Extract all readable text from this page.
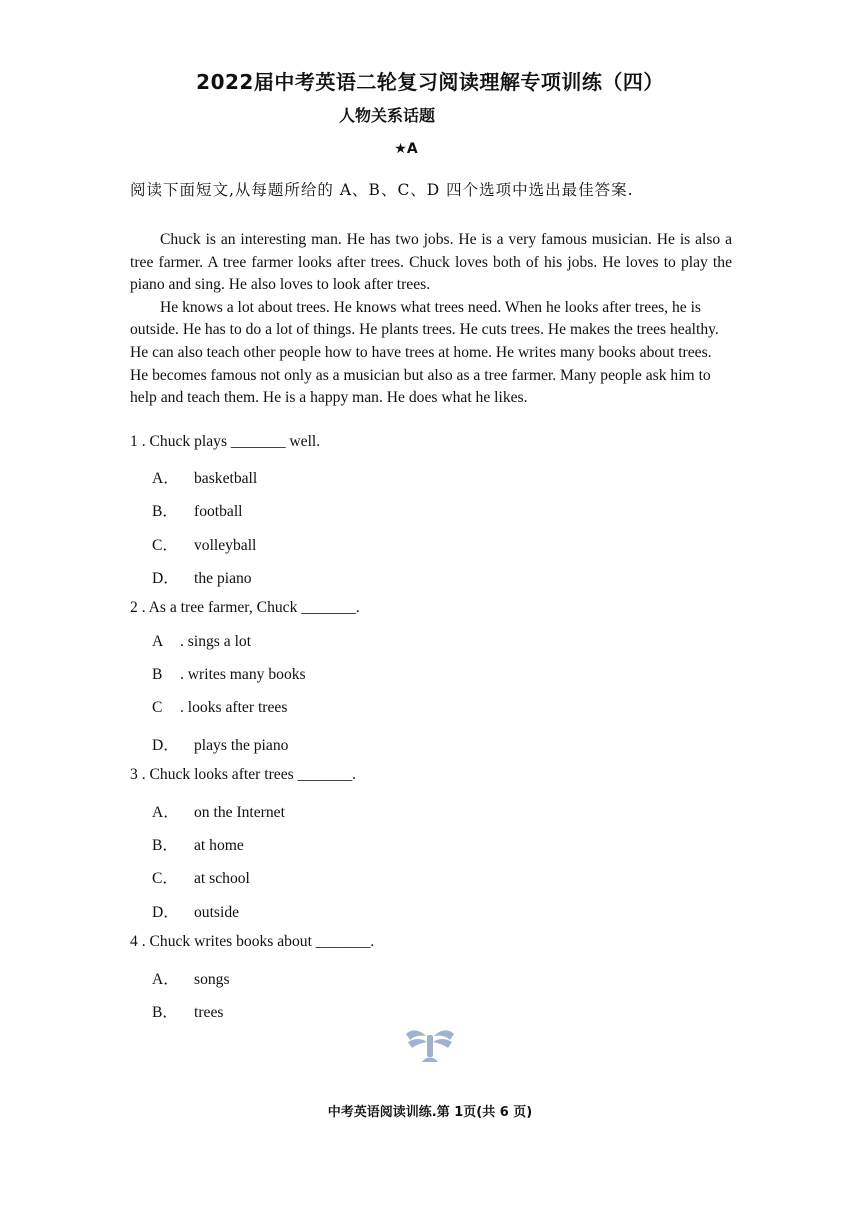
2022届中考英语二轮复习阅读理解专项训练（四）
人物关系话题
★A
阅读下面短文,从每题所给的 A、B、C、D 四个选项中选出最佳答案.

Chuck is an interesting man. He has two jobs. He is a very famous musician. He is also a tree farmer. A tree farmer looks after trees. Chuck loves both of his jobs. He loves to play the piano and sing. He also loves to look after trees.

He knows a lot about trees. He knows what trees need. When he looks after trees, he is outside. He has to do a lot of things. He plants trees. He cuts trees. He makes the trees healthy. He can also teach other people how to have trees at home. He writes many books about trees. He becomes famous not only as a musician but also as a tree farmer. Many people ask him to help and teach them. He is a happy man. He does what he likes.

1 . Chuck plays _______ well.
A． basketball
B． football
C． volleyball
D． the piano
2 . As a tree farmer, Chuck _______.
A . sings a lot
B . writes many books
C . looks after trees
D． plays the piano
3 . Chuck looks after trees _______.
A． on the Internet
B． at home
C． at school
D． outside
4 . Chuck writes books about _______.
A． songs
B． trees
中考英语阅读训练.第 1页(共 6 页)
